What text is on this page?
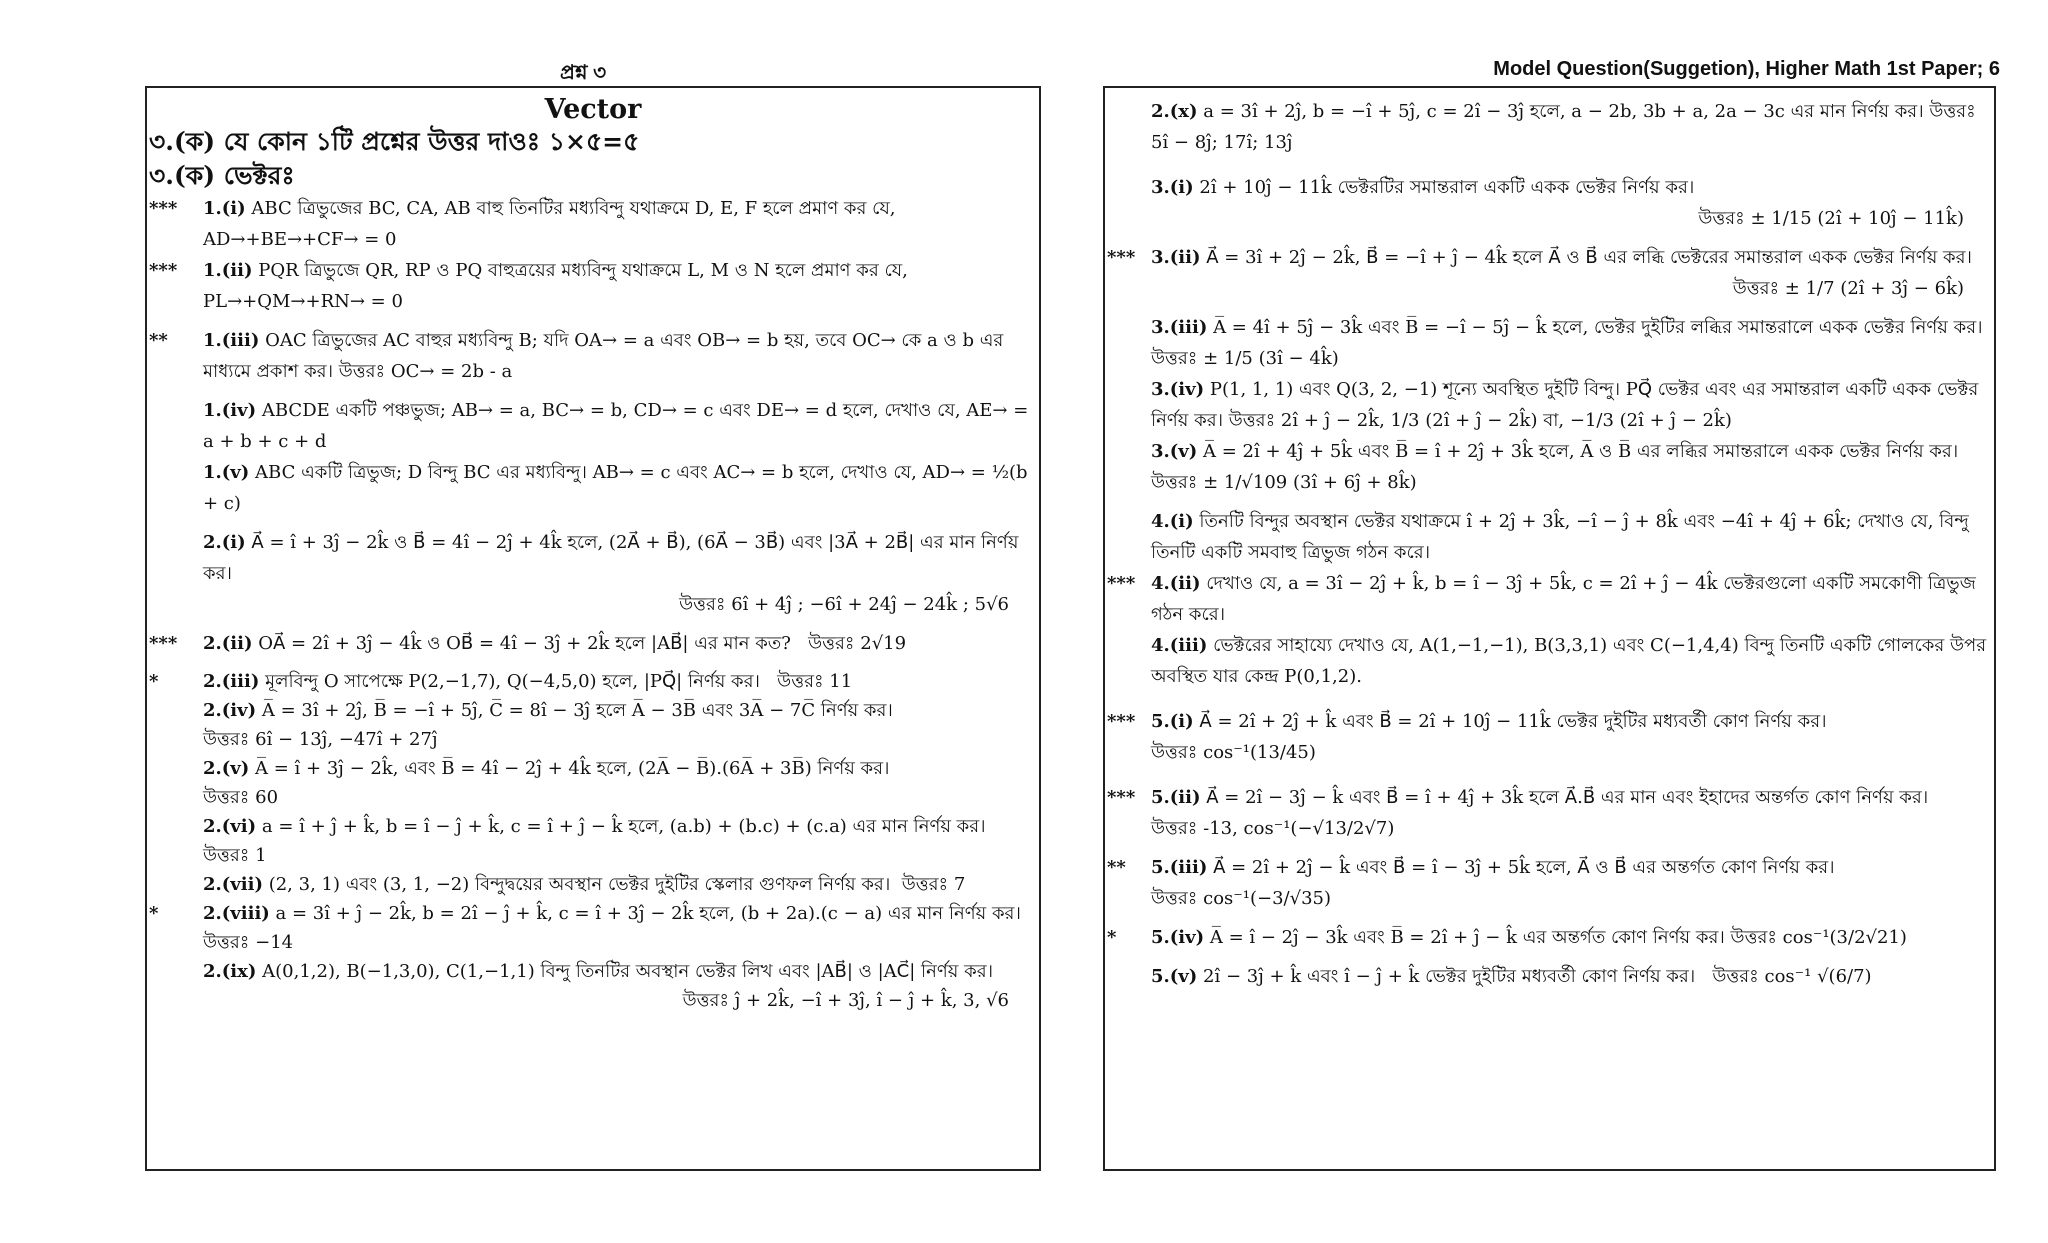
প্রশ্ন ৩	Model Question(Suggetion), Higher Math 1st Paper; 6
Vector
৩.(ক) যে কোন ১টি প্রশ্নের উত্তর দাওঃ ১×৫=৫
৩.(ক) ভেক্টরঃ
*** 1.(i) ABC ত্রিভুজের BC, CA, AB বাহু তিনটির মধ্যবিন্দু যথাক্রমে D, E, F হলে প্রমাণ কর যে,
AD→+BE→+CF→ = 0
*** 1.(ii) PQR ত্রিভুজে QR, RP ও PQ বাহুত্রয়ের মধ্যবিন্দু যথাক্রমে L, M ও N হলে প্রমাণ কর যে,
PL→+QM→+RN→ = 0
** 1.(iii) OAC ত্রিভুজের AC বাহুর মধ্যবিন্দু B; যদি OA→ = a এবং OB→ = b হয়, তবে OC→ কে a ও b এর মাধ্যমে প্রকাশ কর। উত্তরঃ OC→ = 2b - a
1.(iv) ABCDE একটি পঞ্চভুজ; AB→ = a, BC→ = b, CD→ = c এবং DE→ = d হলে, দেখাও যে, AE→ = a + b + c + d
1.(v) ABC একটি ত্রিভুজ; D বিন্দু BC এর মধ্যবিন্দু। AB→ = c এবং AC→ = b হলে, দেখাও যে, AD→ = ½(b + c)
2.(i) A⃗ = î + 3ĵ − 2k̂ ও B⃗ = 4î − 2ĵ + 4k̂ হলে, (2A⃗ + B⃗), (6A⃗ − 3B⃗) এবং |3A⃗ + 2B⃗| এর মান নির্ণয় কর।
উত্তরঃ 6î + 4ĵ ; −6î + 24ĵ − 24k̂ ; 5√6
*** 2.(ii) OA⃗ = 2î + 3ĵ − 4k̂ ও OB⃗ = 4î − 3ĵ + 2k̂ হলে |AB⃗| এর মান কত? উত্তরঃ 2√19
* 2.(iii) মূলবিন্দু O সাপেক্ষে P(2,−1,7), Q(−4,5,0) হলে, |PQ⃗| নির্ণয় কর। উত্তরঃ 11
2.(iv) A̅ = 3î + 2ĵ, B̅ = −î + 5ĵ, C̅ = 8î − 3ĵ হলে A̅ − 3B̅ এবং 3A̅ − 7C̅ নির্ণয় কর।
উত্তরঃ 6î − 13ĵ, −47î + 27ĵ
2.(v) A̅ = î + 3ĵ − 2k̂, এবং B̅ = 4î − 2ĵ + 4k̂ হলে, (2A̅ − B̅).(6A̅ + 3B̅) নির্ণয় কর।
উত্তরঃ 60
2.(vi) a = î + ĵ + k̂, b = î − ĵ + k̂, c = î + ĵ − k̂ হলে, (a.b) + (b.c) + (c.a) এর মান নির্ণয় কর। উত্তরঃ 1
2.(vii) (2, 3, 1) এবং (3, 1, −2) বিন্দুদ্বয়ের অবস্থান ভেক্টর দুইটির স্কেলার গুণফল নির্ণয় কর। উত্তরঃ 7
* 2.(viii) a = 3î + ĵ − 2k̂, b = 2î − ĵ + k̂, c = î + 3ĵ − 2k̂ হলে, (b + 2a).(c − a) এর মান নির্ণয় কর। উত্তরঃ −14
2.(ix) A(0,1,2), B(−1,3,0), C(1,−1,1) বিন্দু তিনটির অবস্থান ভেক্টর লিখ এবং |AB⃗| ও |AC⃗| নির্ণয় কর।
উত্তরঃ ĵ + 2k̂, −î + 3ĵ, î − ĵ + k̂, 3, √6
2.(x) a = 3î + 2ĵ, b = −î + 5ĵ, c = 2î − 3ĵ হলে, a − 2b, 3b + a, 2a − 3c এর মান নির্ণয় কর। উত্তরঃ 5î − 8ĵ; 17î; 13ĵ
3.(i) 2î + 10ĵ − 11k̂ ভেক্টরটির সমান্তরাল একটি একক ভেক্টর নির্ণয় কর।
উত্তরঃ ± 1/15 (2î + 10ĵ − 11k̂)
*** 3.(ii) A⃗ = 3î + 2ĵ − 2k̂, B⃗ = −î + ĵ − 4k̂ হলে A⃗ ও B⃗ এর লব্ধি ভেক্টরের সমান্তরাল একক ভেক্টর নির্ণয় কর।
উত্তরঃ ± 1/7 (2î + 3ĵ − 6k̂)
3.(iii) A̅ = 4î + 5ĵ − 3k̂ এবং B̅ = −î − 5ĵ − k̂ হলে, ভেক্টর দুইটির লব্ধির সমান্তরালে একক ভেক্টর নির্ণয় কর। উত্তরঃ ± 1/5 (3î − 4k̂)
3.(iv) P(1, 1, 1) এবং Q(3, 2, −1) শূন্যে অবস্থিত দুইটি বিন্দু। PQ⃗ ভেক্টর এবং এর সমান্তরাল একটি একক ভেক্টর নির্ণয় কর। উত্তরঃ 2î + ĵ − 2k̂, 1/3 (2î + ĵ − 2k̂) বা, −1/3 (2î + ĵ − 2k̂)
3.(v) A̅ = 2î + 4ĵ + 5k̂ এবং B̅ = î + 2ĵ + 3k̂ হলে, A̅ ও B̅ এর লব্ধির সমান্তরালে একক ভেক্টর নির্ণয় কর। উত্তরঃ ± 1/√109 (3î + 6ĵ + 8k̂)
4.(i) তিনটি বিন্দুর অবস্থান ভেক্টর যথাক্রমে î + 2ĵ + 3k̂, −î − ĵ + 8k̂ এবং −4î + 4ĵ + 6k̂; দেখাও যে, বিন্দু তিনটি একটি সমবাহু ত্রিভুজ গঠন করে।
*** 4.(ii) দেখাও যে, a = 3î − 2ĵ + k̂, b = î − 3ĵ + 5k̂, c = 2î + ĵ − 4k̂ ভেক্টরগুলো একটি সমকোণী ত্রিভুজ গঠন করে।
4.(iii) ভেক্টরের সাহায্যে দেখাও যে, A(1,−1,−1), B(3,3,1) এবং C(−1,4,4) বিন্দু তিনটি একটি গোলকের উপর অবস্থিত যার কেন্দ্র P(0,1,2).
*** 5.(i) A⃗ = 2î + 2ĵ + k̂ এবং B⃗ = 2î + 10ĵ − 11k̂ ভেক্টর দুইটির মধ্যবর্তী কোণ নির্ণয় কর।
উত্তরঃ cos⁻¹(13/45)
*** 5.(ii) A⃗ = 2î − 3ĵ − k̂ এবং B⃗ = î + 4ĵ + 3k̂ হলে A⃗.B⃗ এর মান এবং ইহাদের অন্তর্গত কোণ নির্ণয় কর।
উত্তরঃ -13, cos⁻¹(−√13/2√7)
** 5.(iii) A⃗ = 2î + 2ĵ − k̂ এবং B⃗ = î − 3ĵ + 5k̂ হলে, A⃗ ও B⃗ এর অন্তর্গত কোণ নির্ণয় কর।
উত্তরঃ cos⁻¹(−3/√35)
* 5.(iv) A̅ = î − 2ĵ − 3k̂ এবং B̅ = 2î + ĵ − k̂ এর অন্তর্গত কোণ নির্ণয় কর। উত্তরঃ cos⁻¹(3/2√21)
5.(v) 2î − 3ĵ + k̂ এবং î − ĵ + k̂ ভেক্টর দুইটির মধ্যবর্তী কোণ নির্ণয় কর। উত্তরঃ cos⁻¹ √(6/7)
